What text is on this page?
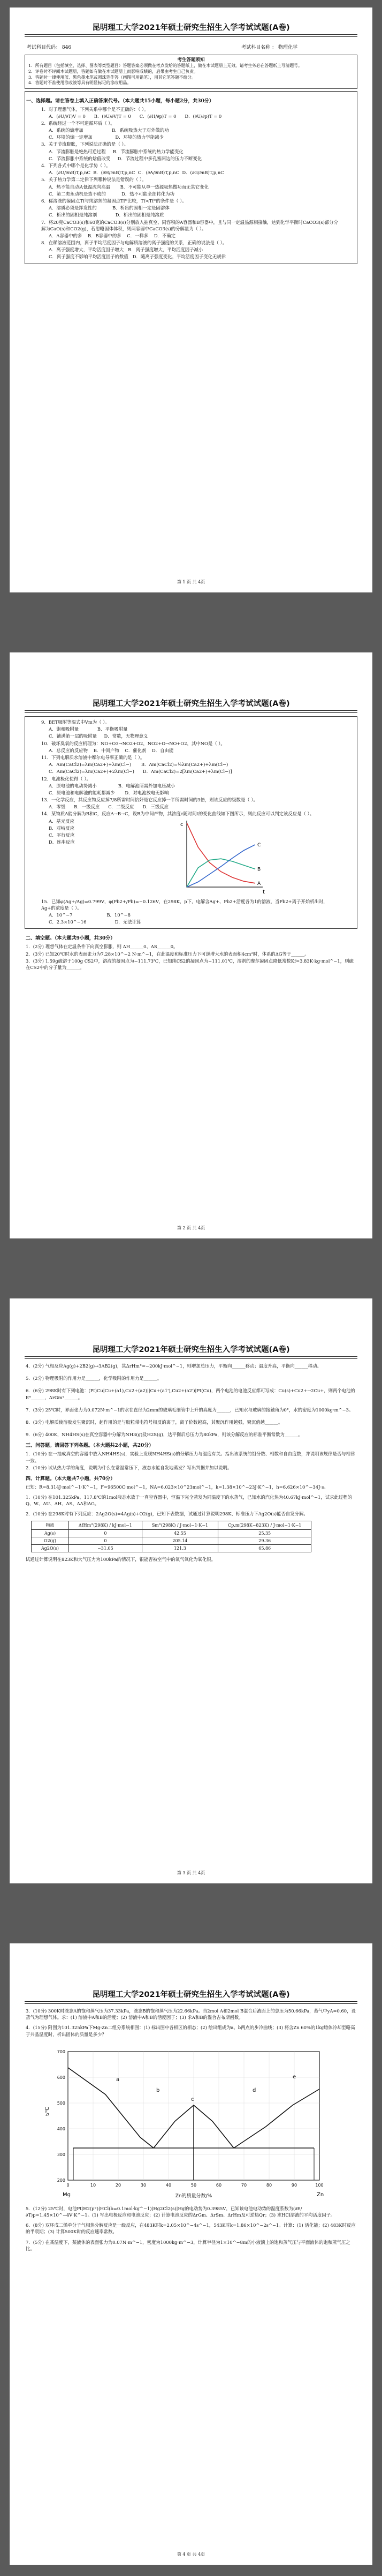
昆明理工大学2021年硕士研究生招生入学考试试题(A卷)
考试科目代码： 846	考试科目名称 ： 物理化学
考生答题须知
1．所有题目（包括填空、选择、图表等类型题目）答题答案必须做在考点发给的答题纸上，做在本试题册上无效。请考生务必在答题纸上写清题号。
2．评卷时不评阅本试题册，答题如有做在本试题册上而影响成绩的，后果由考生自己负责。
3．答题时一律使用蓝、黑色墨水笔或圆珠笔作答（画图可用铅笔），用其它笔答题不给分。
4．答题时不准使用涂改液等具有明显标记的涂改用品。
一、选择题。请在答卷上填入正确答案代号。（本大题共15小题，每小题2分，共30分）
1．对于理想气体，下列关系中哪个是不正确的：（ ）。
A．(∂U/∂T)V = 0 B．(∂U/∂V)T = 0 C．(∂H/∂p)T = 0 D．(∂U/∂p)T = 0
2．系统经过一个不可逆循环后（ ）。
A．系统的熵增加	B．系统吸热大于对外做的功
C．环境的熵一定增加	D．环境的热力学能减少
3．关于节流膨胀，下列说法正确的是（ ）。
A．节流膨胀是绝热可逆过程 B．节流膨胀中系统的热力学能变化
C．节流膨胀中系统的焓值改变 D．节流过程中多孔塞两边的压力不断变化
4．下列各式中哪个是化学势（ ）。
A．(∂U/∂nB)T,p,nC B．(∂H/∂nB)T,p,nC C．(∂A/∂nB)T,p,nC D．(∂G/∂nB)T,p,nC
5．关于热力学第二定律下列哪种说法是错误的（ ）。
A．热不能自动从低温流向高温 B．不可能从单一热源吸热做功而无其它变化
C．第二类永动机是造不成的	D．热不可能全部转化为功
6．稀溶液的凝固点Tf与纯溶剂的凝固点Tf*比较，Tf<Tf*的条件是（ ）。
A．溶质必须是挥发性的	B．析出的固相一定是固溶体
C．析出的固相是纯溶剂	D．析出的固相是纯溶质
7．将20克CaCO3(s)和60克的CaCO3(s)分别放入抽真空、同容积的A容器和B容器中，且与同一定温热源相接触，达到化学平衡时CaCO3(s)部分分解为CaO(s)和CO2(g)，若忽略固体体积，则两容器中CaCO3(s)的分解量为（ ）。
A．A容器中的多 B．B容器中的多 C．一样多 D．不确定
8．在稀溶液范围内，离子平均活度因子与电解质溶液的离子强度的关系，正确的说法是（ ）。
A．离子强度增大，平均活度因子增大 B．离子强度增大，平均活度因子减小
C．离子强度不影响平均活度因子的数值 D．随离子强度变化，平均活度因子变化无规律
第 1 页 共 4页
昆明理工大学2021年硕士研究生招生入学考试试题(A卷)
9．BET吸附等温式中Vm为（ ）。
A．饱和吸附量	B．平衡吸附量
C．铺满第一层的吸附量 D．常数，无物理意义
10．破坏臭氧的反应机理为：NO+O3→NO2+O2，NO2+O→NO+O2，其中NO是（ ）。
A．总反应的反应物 B．中间产物 C．催化剂 D．自由能
11．下列电解质水溶液中摩尔电导率正确的是（ ）。
A．Λm(CaCl2)=λm(Ca2+)+λm(Cl−) B．Λm(CaCl2)=½λm(Ca2+)+λm(Cl−)
C．Λm(CaCl2)=λm(Ca2+)+2λm(Cl−) D．Λm(CaCl2)=2[λm(Ca2+)+λm(Cl−)]
12．电池极化使得（ ）。
A．原电池的电动势减小	B．电解池所需外加电压减小
C．原电池和电解池的能耗都减少 D．对电池放电无影响
13．一化学反应，其反应物反应掉7/8所需时间恰好是它反应掉一半所需时间的3倍，则该反应的级数是（ ）。
A．零级 B．一级反应 C．二级反应 D．三级反应
14．某物质A能分解为B和C，反应A→B→C，设B为中间产物，其浓度c随时间t的变化曲线如下图所示，则此反应可以判定该反应是（ ）。
A．基元反应
B．对峙反应
C．平行反应
D．连串反应
c
t
A
B
C
15．已知φ(Ag+/Ag)=0.799V，φ(Pb2+/Pb)=−0.126V，在298K，p下，电解含Ag+、Pb2+活度各为1的溶液，当Pb2+离子开始析出时，Ag+的浓度是（ ）。
A．10^−7	B．10^−8
C．2.3×10^−16	D．无法计算
二、填空题。（本大题共9小题，共30分）
1．(2分) 理想气体在定温条件下向真空膨胀，则 ΔH______0、ΔS______0。
2．(3分) 已知20℃时水的表面张力为7.28×10^−2 N·m^−1，在此温度和标准压力下可逆增大水的表面积4cm²时，体系的ΔG等于______。
3．(3分) 1.59g硫溶于100g CS2中，溶液的凝固点为−111.73℃，已知纯CS2的凝固点为−111.01℃，溶剂的摩尔凝固点降低常数Kf=3.83K·kg·mol^−1，则硫在CS2中的分子量为______。
第 2 页 共 4页
昆明理工大学2021年硕士研究生招生入学考试试题(A卷)
4．(2分) 气相反应Ag(g)+2B2(g)→3AB2(g)，其ΔrHm°=−200kJ·mol^−1，则增加总压力，平衡向______移动；温度升高，平衡向______移动。
5．(2分) 物理吸附的作用力是______，化学吸附的作用力是______。
6．(6分) 298K时有下列电池：(Pt)Cu|Cu+(a1),Cu2+(a2)||Cu+(a1'),Cu2+(a2')|Pt(Cu)，两个电池的电池反应都可写成：Cu(s)+Cu2+→2Cu+，则两个电池的E°______，ΔrGm°______。
7．(3分) 25℃时，界面张力为0.072N·m^−1的水在直径为2mm的玻璃毛细管中上升的高度为______，已知水与玻璃的接触角为0°，水的密度为1000kg·m^−3。
8．(3分) 电解质使溶胶发生聚沉时，起作用的是与胶粒带电符号相反的离子，离子价数越高，其聚沉作用越强，聚沉值越______。
9．(6分) 400K，NH4HS(s)在真空容器中分解为NH3(g)及H2S(g)，达平衡后总压力为80kPa，则该分解反应的标准平衡常数为______。
三、问答题。请回答下列各题。（本大题共2小题，共20分）
1．(10分) 在一抽成真空的容器中放入NH4HS(s)，实验上发现NH4HS(s)的分解压力与温度有关。指出该系统的组分数、相数和自由度数，并说明该规律是否与相律一致。
2．(10分) 试从热力学的角度，说明为什么在常温常压下，液态水能自发地蒸发？写出判据并加以说明。
四、计算题。（本大题共7小题，共70分）
已知：R=8.314J·mol^−1·K^−1，F=96500C·mol^−1，NA=6.023×10^23mol^−1，k=1.38×10^−23J·K^−1，h=6.626×10^−34J·s。
1．(10分) 在101.325kPa、117.8℃的1mol液态水放于一真空容器中，恒温下完全蒸发为同温度下的水蒸气，已知水的汽化热为40.67kJ·mol^−1，试求此过程的Q、W、ΔU、ΔH、ΔS、ΔA和ΔG。
2．(10分) 在298K时有下列反应：2Ag2O(s)=4Ag(s)+O2(g)，已知下表数据，试通过计算说明298K、标准压力下Ag2O(s)能否自发分解。
物质	ΔfHm°(298K) / kJ·mol−1	Sm°(298K) / J·mol−1·K−1	Cp,m(298K~823K) / J·mol−1·K−1
Ag(s)	0	42.55	25.35
O2(g)	0	205.14	29.36
Ag2O(s)	−31.05	121.3	65.86
试通过计算说明在823K和大气压力为100kPa的情况下，银能否被空气中的氧气氧化为氧化银。
第 3 页 共 4页
昆明理工大学2021年硕士研究生招生入学考试试题(A卷)
3．(10分) 300K时液态A的饱和蒸气压为37.33kPa，液态B的饱和蒸气压为22.66kPa。当2mol A和2mol B混合后液面上的总压为50.66kPa，蒸气中yA=0.60，设蒸气为理想气体。求：(1) 溶液中A和B的活度；(2) 溶液中A和B的活度因子；(3) 求A和B的混合吉布斯函数。
4．(15分) 附图为101.325kPa下Mg-Zn二组分系统相图：(1) 标出图中各相区的相态；(2) 绘出组成为a、b两点的步冷曲线；(3) 将含Zn 60%的1kg熔体冷却至略高于共晶温度时，析出固体的质量是多少？
a
b
c
d
e
0	10	20	30	40	50	60	70	80	90	100
200
300
400
500
600
700
Mg	Zn
Zn的质量分数/%
t/℃
5．(12分) 25℃时，电池Pt|H2(p°)|HCl(b=0.1mol·kg^−1)|Hg2Cl2(s)|Hg的电动势为0.3985V，已知该电池电动势的温度系数为(∂E/∂T)p=1.45×10^−4V·K^−1。(1) 写出电极反应和电池反应；(2) 计算电池反应的ΔrGm、ΔrSm、ΔrHm及可逆热Qr；(3) 求HCl溶液的平均活度因子。
6．(8分) 双环戊二烯单分子气相热分解反应是一级反应，在483K时k=2.05×10^−4s^−1，543K时k=1.86×10^−2s^−1。计算：(1) 活化能；(2) 483K时反应的半衰期；(3) 计算500K时的反应速率常数。
7．(5分) 在某温度下，某液体的表面张力为0.07N·m^−1，密度为1000kg·m^−3，计算半径为1×10^−8m的小液滴上的饱和蒸气压与平面液体的饱和蒸气压之比。
第 4 页 共 4页
